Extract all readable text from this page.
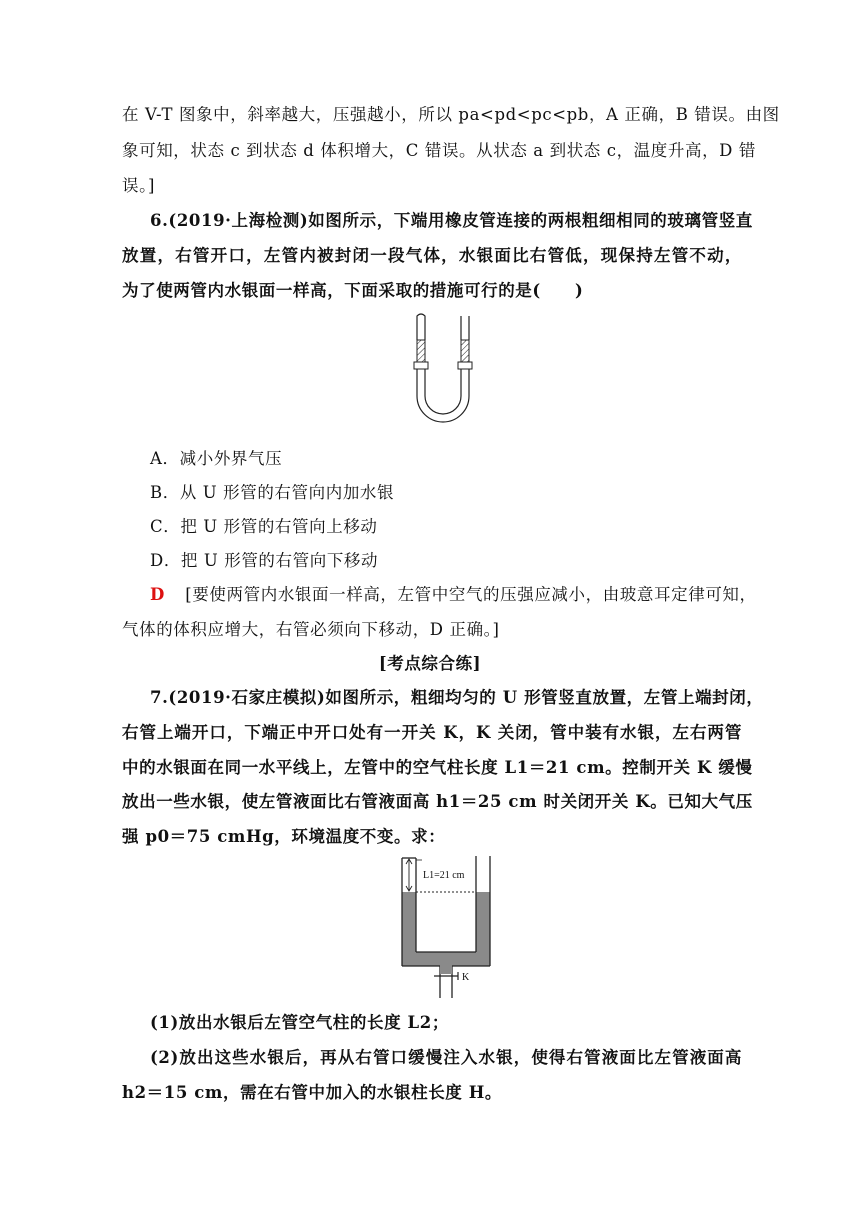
在 V-T 图象中，斜率越大，压强越小，所以 pa<pd<pc<pb，A 正确，B 错误。由图
象可知，状态 c 到状态 d 体积增大，C 错误。从状态 a 到状态 c，温度升高，D 错
误。]
6.(2019·上海检测)如图所示，下端用橡皮管连接的两根粗细相同的玻璃管竖直
放置，右管开口，左管内被封闭一段气体，水银面比右管低，现保持左管不动，
为了使两管内水银面一样高，下面采取的措施可行的是(　　)
A．减小外界气压
B．从 U 形管的右管向内加水银
C．把 U 形管的右管向上移动
D．把 U 形管的右管向下移动
D [要使两管内水银面一样高，左管中空气的压强应减小，由玻意耳定律可知，
气体的体积应增大，右管必须向下移动，D 正确。]
[考点综合练]
7.(2019·石家庄模拟)如图所示，粗细均匀的 U 形管竖直放置，左管上端封闭，
右管上端开口，下端正中开口处有一开关 K，K 关闭，管中装有水银，左右两管
中的水银面在同一水平线上，左管中的空气柱长度 L1＝21 cm。控制开关 K 缓慢
放出一些水银，使左管液面比右管液面高 h1＝25 cm 时关闭开关 K。已知大气压
强 p0＝75 cmHg，环境温度不变。求：
L1=21 cm
K
(1)放出水银后左管空气柱的长度 L2；
(2)放出这些水银后，再从右管口缓慢注入水银，使得右管液面比左管液面高
h2＝15 cm，需在右管中加入的水银柱长度 H。
